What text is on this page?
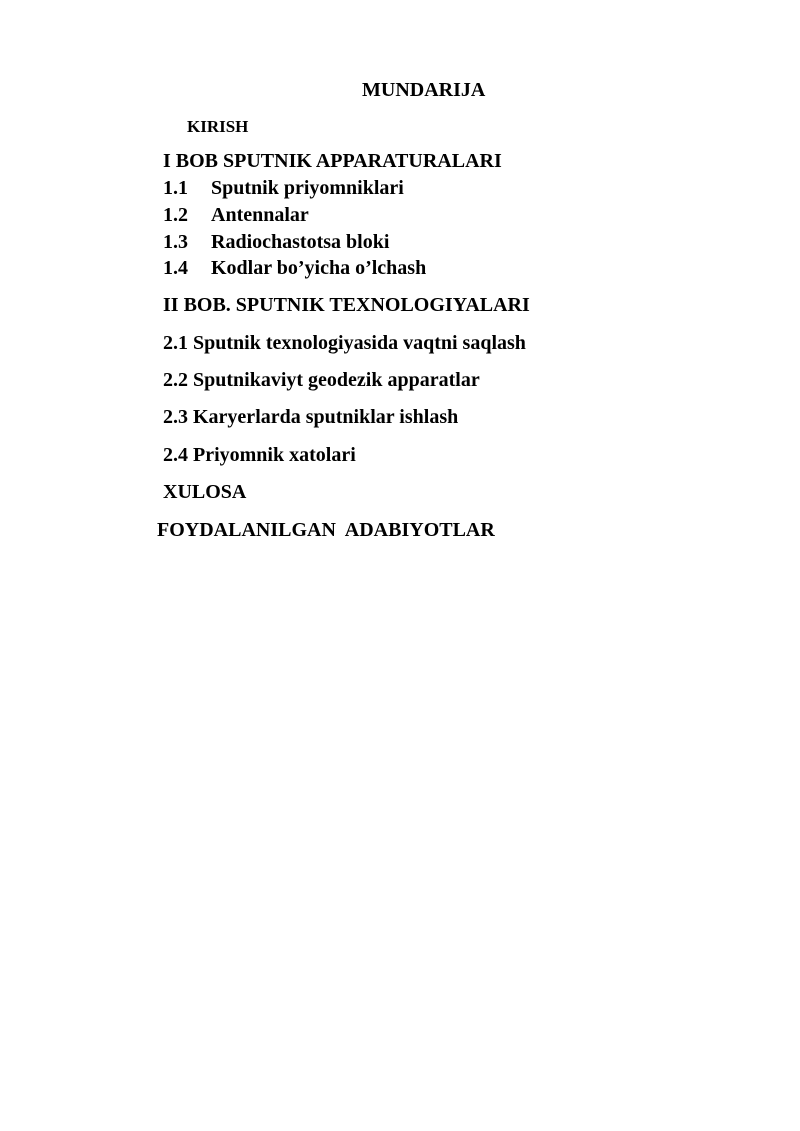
MUNDARIJA
KIRISH
I BOB SPUTNIK APPARATURALARI
1.1 Sputnik priyomniklari
1.2 Antennalar
1.3 Radiochastotsa bloki
1.4 Kodlar bo’yicha o’lchash
II BOB. SPUTNIK TEXNOLOGIYALARI
2.1 Sputnik texnologiyasida vaqtni saqlash
2.2 Sputnikaviyt geodezik apparatlar
2.3 Karyerlarda sputniklar ishlash
2.4 Priyomnik xatolari
XULOSA
FOYDALANILGAN  ADABIYOTLAR
